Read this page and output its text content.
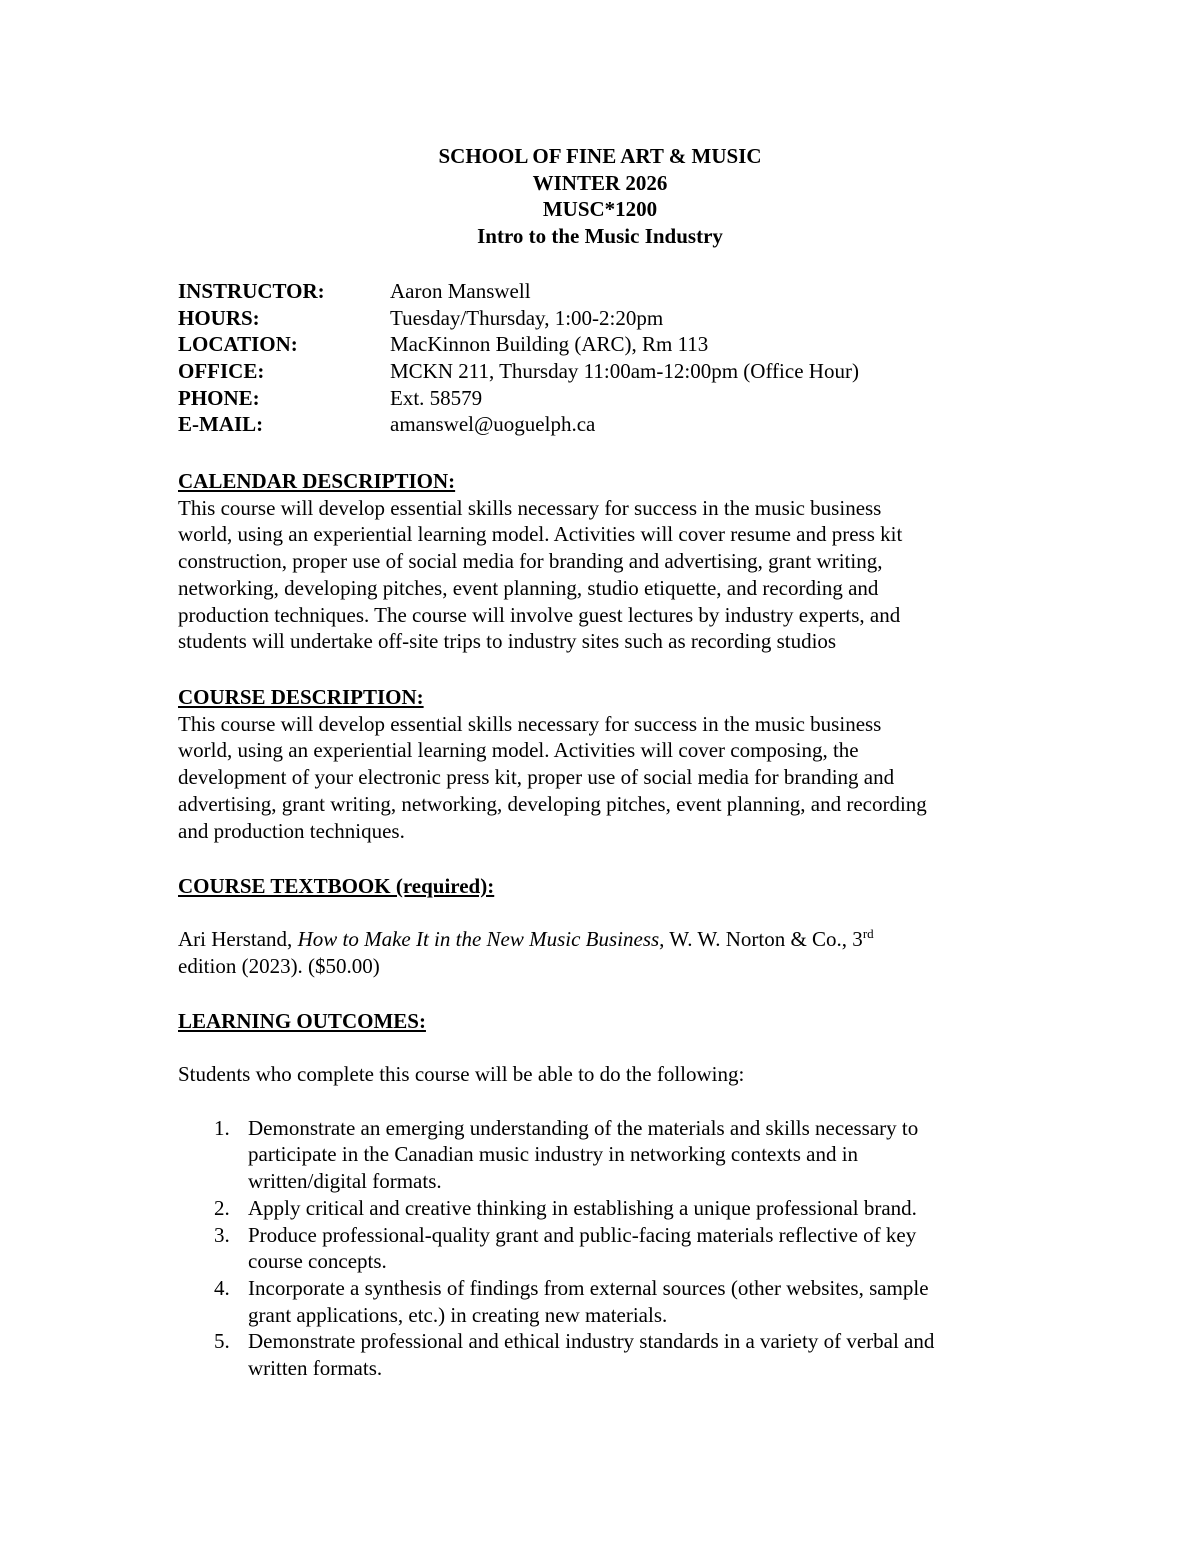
SCHOOL OF FINE ART & MUSIC
WINTER 2026
MUSC*1200
Intro to the Music Industry
INSTRUCTOR:	Aaron Manswell
HOURS:	Tuesday/Thursday, 1:00-2:20pm
LOCATION:	MacKinnon Building (ARC), Rm 113
OFFICE:	MCKN 211, Thursday 11:00am-12:00pm (Office Hour)
PHONE:	Ext. 58579
E-MAIL:	amanswel@uoguelph.ca
CALENDAR DESCRIPTION:

This course will develop essential skills necessary for success in the music business
world, using an experiential learning model. Activities will cover resume and press kit
construction, proper use of social media for branding and advertising, grant writing,
networking, developing pitches, event planning, studio etiquette, and recording and
production techniques. The course will involve guest lectures by industry experts, and
students will undertake off-site trips to industry sites such as recording studios

COURSE DESCRIPTION:

This course will develop essential skills necessary for success in the music business
world, using an experiential learning model. Activities will cover composing, the
development of your electronic press kit, proper use of social media for branding and
advertising, grant writing, networking, developing pitches, event planning, and recording
and production techniques.

COURSE TEXTBOOK (required):

Ari Herstand, How to Make It in the New Music Business, W. W. Norton & Co., 3rd
edition (2023). ($50.00)

LEARNING OUTCOMES:

Students who complete this course will be able to do the following:

1. Demonstrate an emerging understanding of the materials and skills necessary to
participate in the Canadian music industry in networking contexts and in
written/digital formats.
2. Apply critical and creative thinking in establishing a unique professional brand.
3. Produce professional-quality grant and public-facing materials reflective of key
course concepts.
4. Incorporate a synthesis of findings from external sources (other websites, sample
grant applications, etc.) in creating new materials.
5. Demonstrate professional and ethical industry standards in a variety of verbal and
written formats.
